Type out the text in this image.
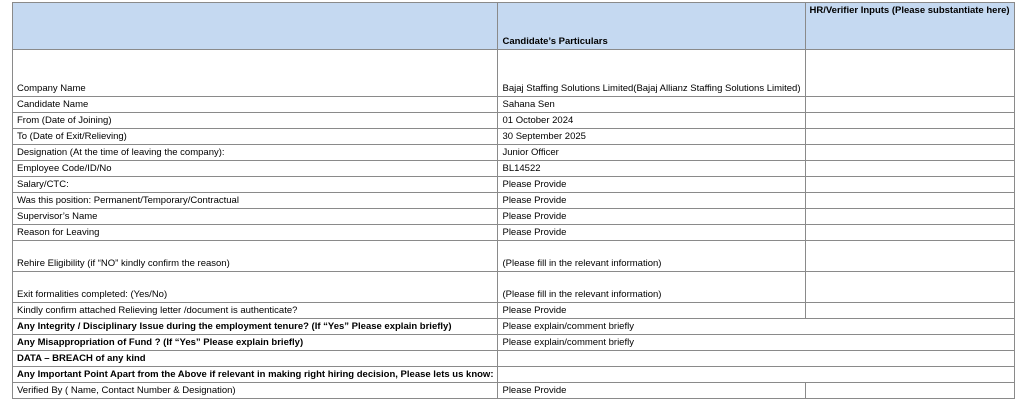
	Candidate’s Particulars	HR/Verifier Inputs (Please substantiate here)
Company Name	Bajaj Staffing Solutions Limited(Bajaj Allianz Staffing Solutions Limited)	
Candidate Name	Sahana Sen	
From (Date of Joining)	01 October 2024	
To (Date of Exit/Relieving)	30 September 2025	
Designation (At the time of leaving the company):	Junior Officer	
Employee Code/ID/No	BL14522	
Salary/CTC:	Please Provide	
Was this position: Permanent/Temporary/Contractual	Please Provide	
Supervisor’s Name	Please Provide	
Reason for Leaving	Please Provide	
Rehire Eligibility (if “NO” kindly confirm the reason)	(Please fill in the relevant information)	
Exit formalities completed: (Yes/No)	(Please fill in the relevant information)	
Kindly confirm attached Relieving letter /document is authenticate?	Please Provide	
Any Integrity / Disciplinary Issue during the employment tenure? (If “Yes” Please explain briefly)	Please explain/comment briefly	
Any Misappropriation of Fund ? (If “Yes” Please explain briefly)	Please explain/comment briefly	
DATA – BREACH of any kind		
Any Important Point Apart from the Above if relevant in making right hiring decision, Please lets us know:		
Verified By ( Name, Contact Number & Designation)	Please Provide	
